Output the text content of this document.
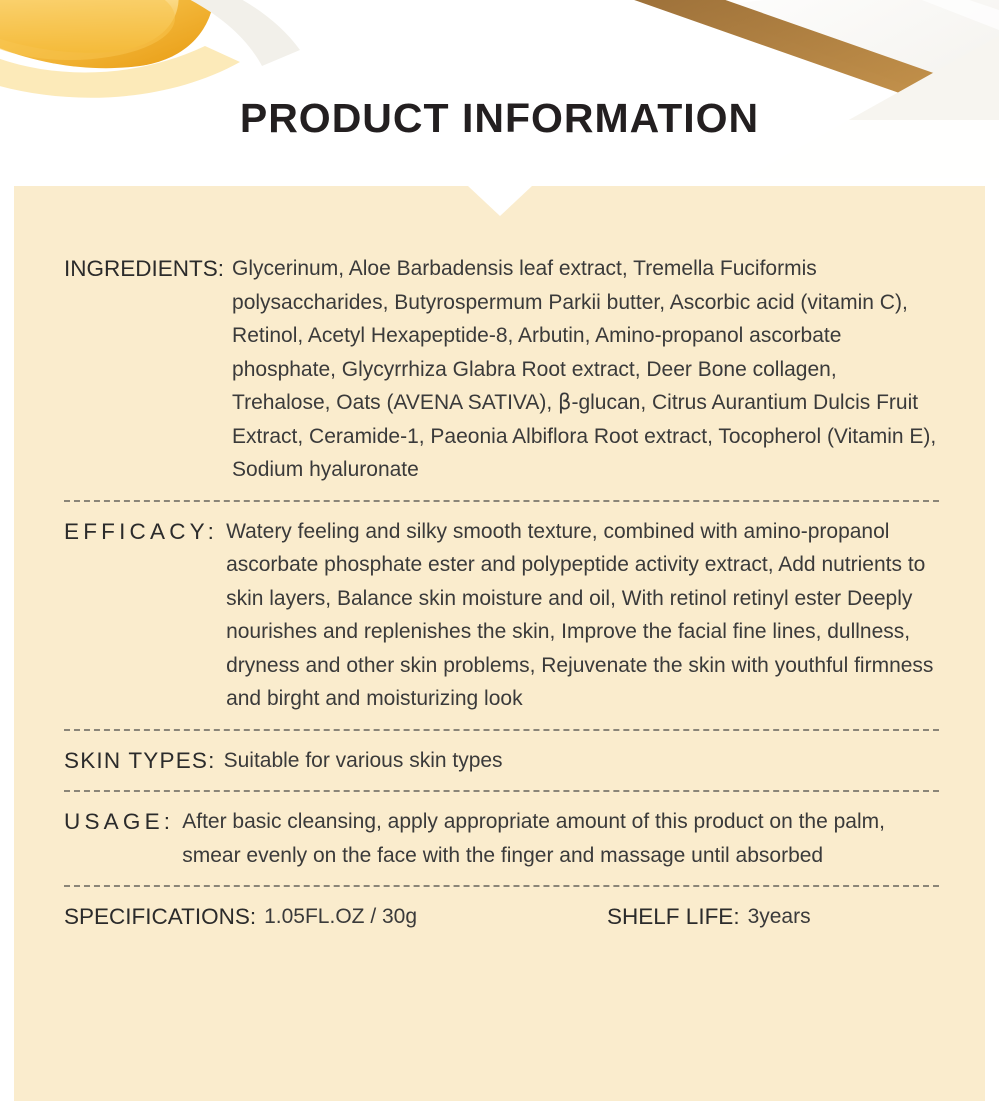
PRODUCT INFORMATION
INGREDIENTS: Glycerinum, Aloe Barbadensis leaf extract, Tremella Fuciformis polysaccharides, Butyrospermum Parkii butter, Ascorbic acid (vitamin C), Retinol, Acetyl Hexapeptide-8, Arbutin, Amino-propanol ascorbate phosphate, Glycyrrhiza Glabra Root extract, Deer Bone collagen, Trehalose, Oats (AVENA SATIVA), β-glucan, Citrus Aurantium Dulcis Fruit Extract, Ceramide-1, Paeonia Albiflora Root extract, Tocopherol (Vitamin E), Sodium hyaluronate
EFFICACY: Watery feeling and silky smooth texture, combined with amino-propanol ascorbate phosphate ester and polypeptide activity extract, Add nutrients to skin layers, Balance skin moisture and oil, With retinol retinyl ester Deeply nourishes and replenishes the skin, Improve the facial fine lines, dullness, dryness and other skin problems, Rejuvenate the skin with youthful firmness and birght and moisturizing look
SKIN TYPES: Suitable for various skin types
USAGE: After basic cleansing, apply appropriate amount of this product on the palm, smear evenly on the face with the finger and massage until absorbed
SPECIFICATIONS: 1.05FL.OZ / 30g	SHELF LIFE: 3years
